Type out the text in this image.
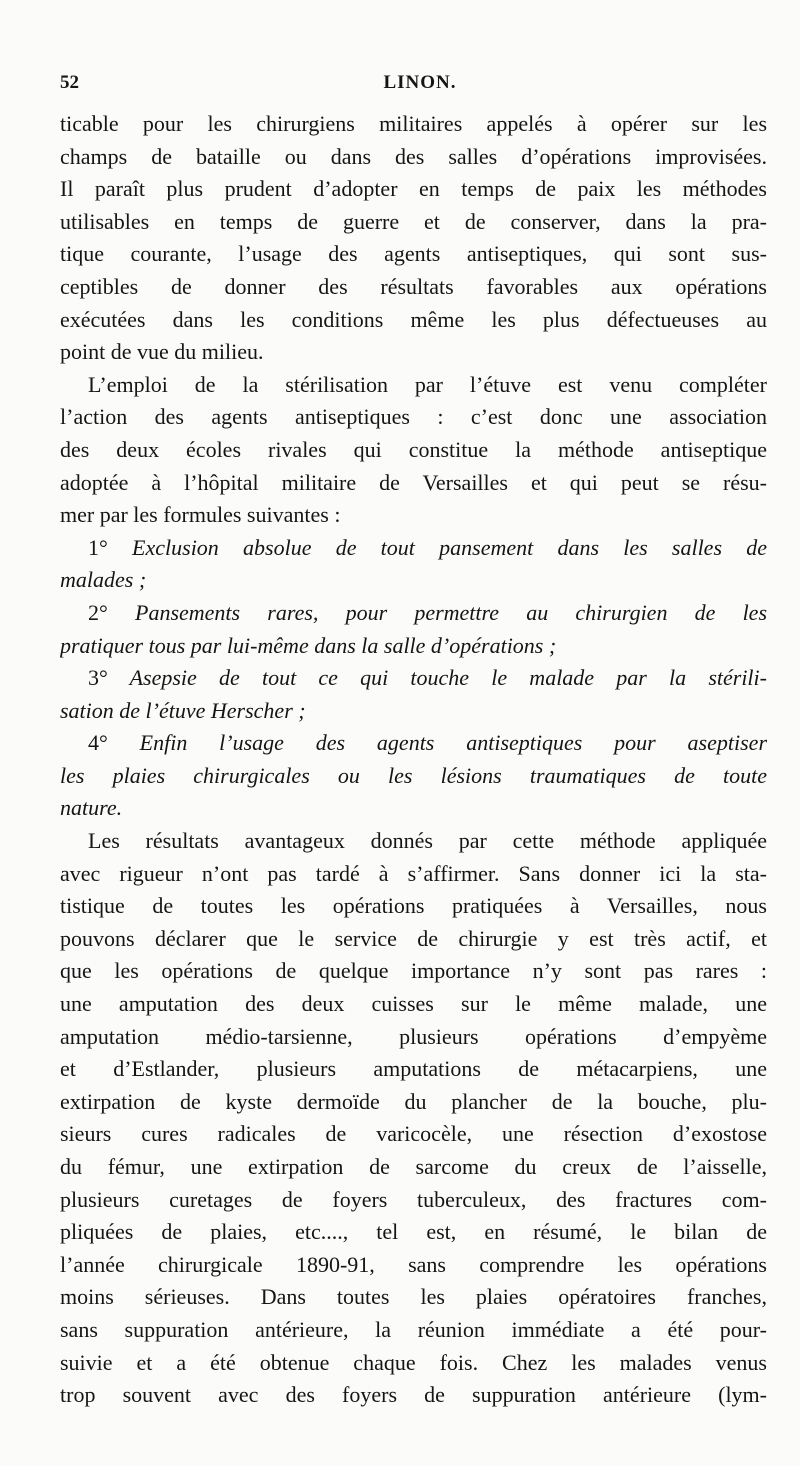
52	LINON.
ticable pour les chirurgiens militaires appelés à opérer sur les
champs de bataille ou dans des salles d’opérations improvisées.
Il paraît plus prudent d’adopter en temps de paix les méthodes
utilisables en temps de guerre et de conserver, dans la pra-
tique courante, l’usage des agents antiseptiques, qui sont sus-
ceptibles de donner des résultats favorables aux opérations
exécutées dans les conditions même les plus défectueuses au
point de vue du milieu.
L’emploi de la stérilisation par l’étuve est venu compléter
l’action des agents antiseptiques : c’est donc une association
des deux écoles rivales qui constitue la méthode antiseptique
adoptée à l’hôpital militaire de Versailles et qui peut se résu-
mer par les formules suivantes :
1° Exclusion absolue de tout pansement dans les salles de
malades ;
2° Pansements rares, pour permettre au chirurgien de les
pratiquer tous par lui-même dans la salle d’opérations ;
3° Asepsie de tout ce qui touche le malade par la stérili-
sation de l’étuve Herscher ;
4° Enfin l’usage des agents antiseptiques pour aseptiser
les plaies chirurgicales ou les lésions traumatiques de toute
nature.
Les résultats avantageux donnés par cette méthode appliquée
avec rigueur n’ont pas tardé à s’affirmer. Sans donner ici la sta-
tistique de toutes les opérations pratiquées à Versailles, nous
pouvons déclarer que le service de chirurgie y est très actif, et
que les opérations de quelque importance n’y sont pas rares :
une amputation des deux cuisses sur le même malade, une
amputation médio-tarsienne, plusieurs opérations d’empyème
et d’Estlander, plusieurs amputations de métacarpiens, une
extirpation de kyste dermoïde du plancher de la bouche, plu-
sieurs cures radicales de varicocèle, une résection d’exostose
du fémur, une extirpation de sarcome du creux de l’aisselle,
plusieurs curetages de foyers tuberculeux, des fractures com-
pliquées de plaies, etc...., tel est, en résumé, le bilan de
l’année chirurgicale 1890-91, sans comprendre les opérations
moins sérieuses. Dans toutes les plaies opératoires franches,
sans suppuration antérieure, la réunion immédiate a été pour-
suivie et a été obtenue chaque fois. Chez les malades venus
trop souvent avec des foyers de suppuration antérieure (lym-
